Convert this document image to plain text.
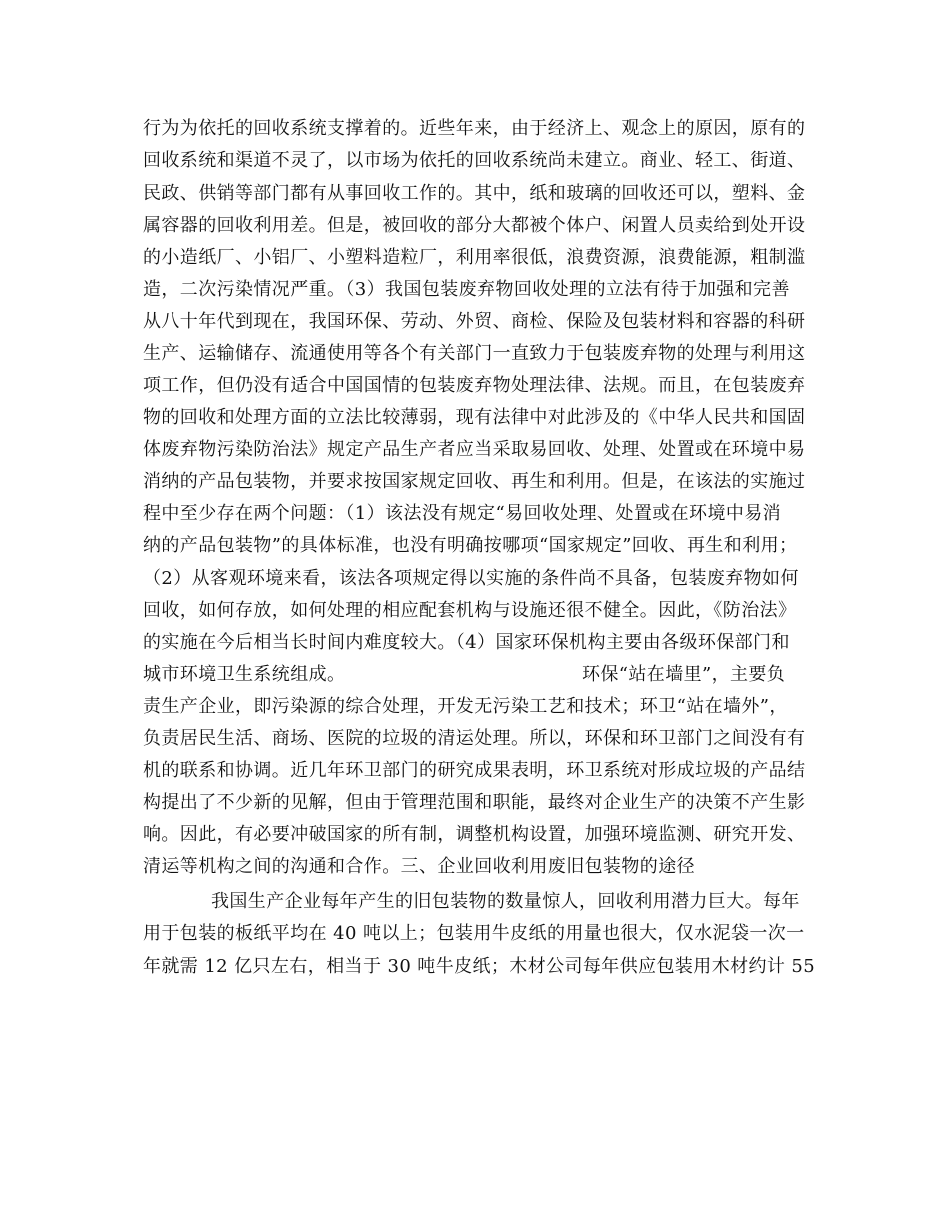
行为为依托的回收系统支撑着的。近些年来，由于经济上、观念上的原因，原有的
回收系统和渠道不灵了，以市场为依托的回收系统尚未建立。商业、轻工、街道、
民政、供销等部门都有从事回收工作的。其中，纸和玻璃的回收还可以，塑料、金
属容器的回收利用差。但是，被回收的部分大都被个体户、闲置人员卖给到处开设
的小造纸厂、小铝厂、小塑料造粒厂，利用率很低，浪费资源，浪费能源，粗制滥
造，二次污染情况严重。（3）我国包装废弃物回收处理的立法有待于加强和完善
从八十年代到现在，我国环保、劳动、外贸、商检、保险及包装材料和容器的科研
生产、运输储存、流通使用等各个有关部门一直致力于包装废弃物的处理与利用这
项工作，但仍没有适合中国国情的包装废弃物处理法律、法规。而且，在包装废弃
物的回收和处理方面的立法比较薄弱，现有法律中对此涉及的《中华人民共和国固
体废弃物污染防治法》规定产品生产者应当采取易回收、处理、处置或在环境中易
消纳的产品包装物，并要求按国家规定回收、再生和利用。但是，在该法的实施过
程中至少存在两个问题：（1）该法没有规定“易回收处理、处置或在环境中易消
纳的产品包装物”的具体标准，也没有明确按哪项“国家规定”回收、再生和利用；
（2）从客观环境来看，该法各项规定得以实施的条件尚不具备，包装废弃物如何
回收，如何存放，如何处理的相应配套机构与设施还很不健全。因此，《防治法》
的实施在今后相当长时间内难度较大。（4）国家环保机构主要由各级环保部门和
城市环境卫生系统组成。	环保“站在墙里”，主要负
责生产企业，即污染源的综合处理，开发无污染工艺和技术；环卫“站在墙外”，
负责居民生活、商场、医院的垃圾的清运处理。所以，环保和环卫部门之间没有有
机的联系和协调。近几年环卫部门的研究成果表明，环卫系统对形成垃圾的产品结
构提出了不少新的见解，但由于管理范围和职能，最终对企业生产的决策不产生影
响。因此，有必要冲破国家的所有制，调整机构设置，加强环境监测、研究开发、
清运等机构之间的沟通和合作。三、企业回收利用废旧包装物的途径
我国生产企业每年产生的旧包装物的数量惊人，回收利用潜力巨大。每年
用于包装的板纸平均在 40 吨以上；包装用牛皮纸的用量也很大，仅水泥袋一次一
年就需 12 亿只左右，相当于 30 吨牛皮纸；木材公司每年供应包装用木材约计 55
